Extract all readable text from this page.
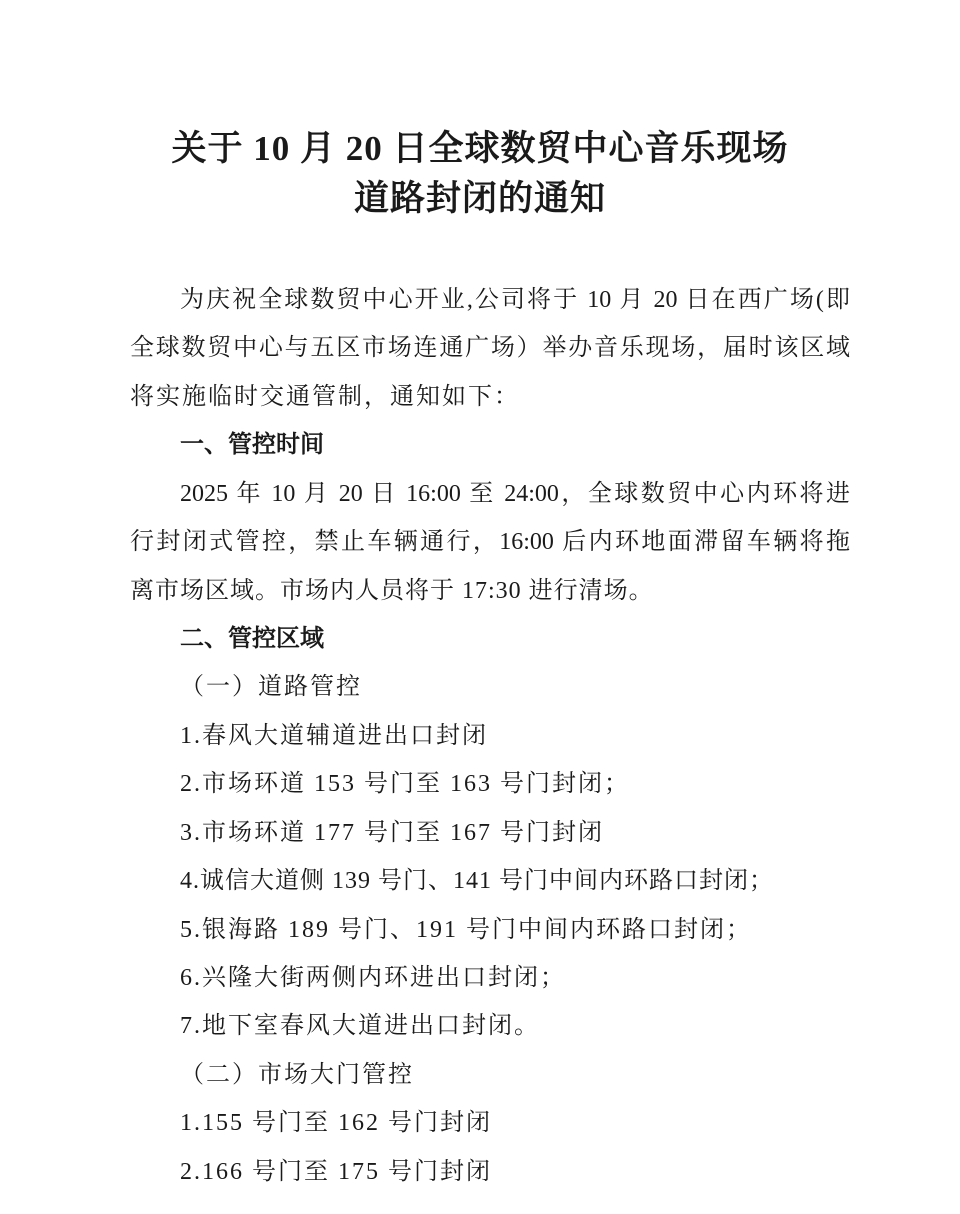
关于 10 月 20 日全球数贸中心音乐现场
道路封闭的通知
为庆祝全球数贸中心开业,公司将于 10 月 20 日在西广场(即
全球数贸中心与五区市场连通广场）举办音乐现场，届时该区域
将实施临时交通管制，通知如下：
一、管控时间
2025 年 10 月 20 日 16:00 至 24:00，全球数贸中心内环将进
行封闭式管控，禁止车辆通行，16:00 后内环地面滞留车辆将拖
离市场区域。市场内人员将于 17:30 进行清场。
二、管控区域
（一）道路管控
1.春风大道辅道进出口封闭
2.市场环道 153 号门至 163 号门封闭；
3.市场环道 177 号门至 167 号门封闭
4.诚信大道侧 139 号门、141 号门中间内环路口封闭；
5.银海路 189 号门、191 号门中间内环路口封闭；
6.兴隆大街两侧内环进出口封闭；
7.地下室春风大道进出口封闭。
（二）市场大门管控
1.155 号门至 162 号门封闭
2.166 号门至 175 号门封闭
